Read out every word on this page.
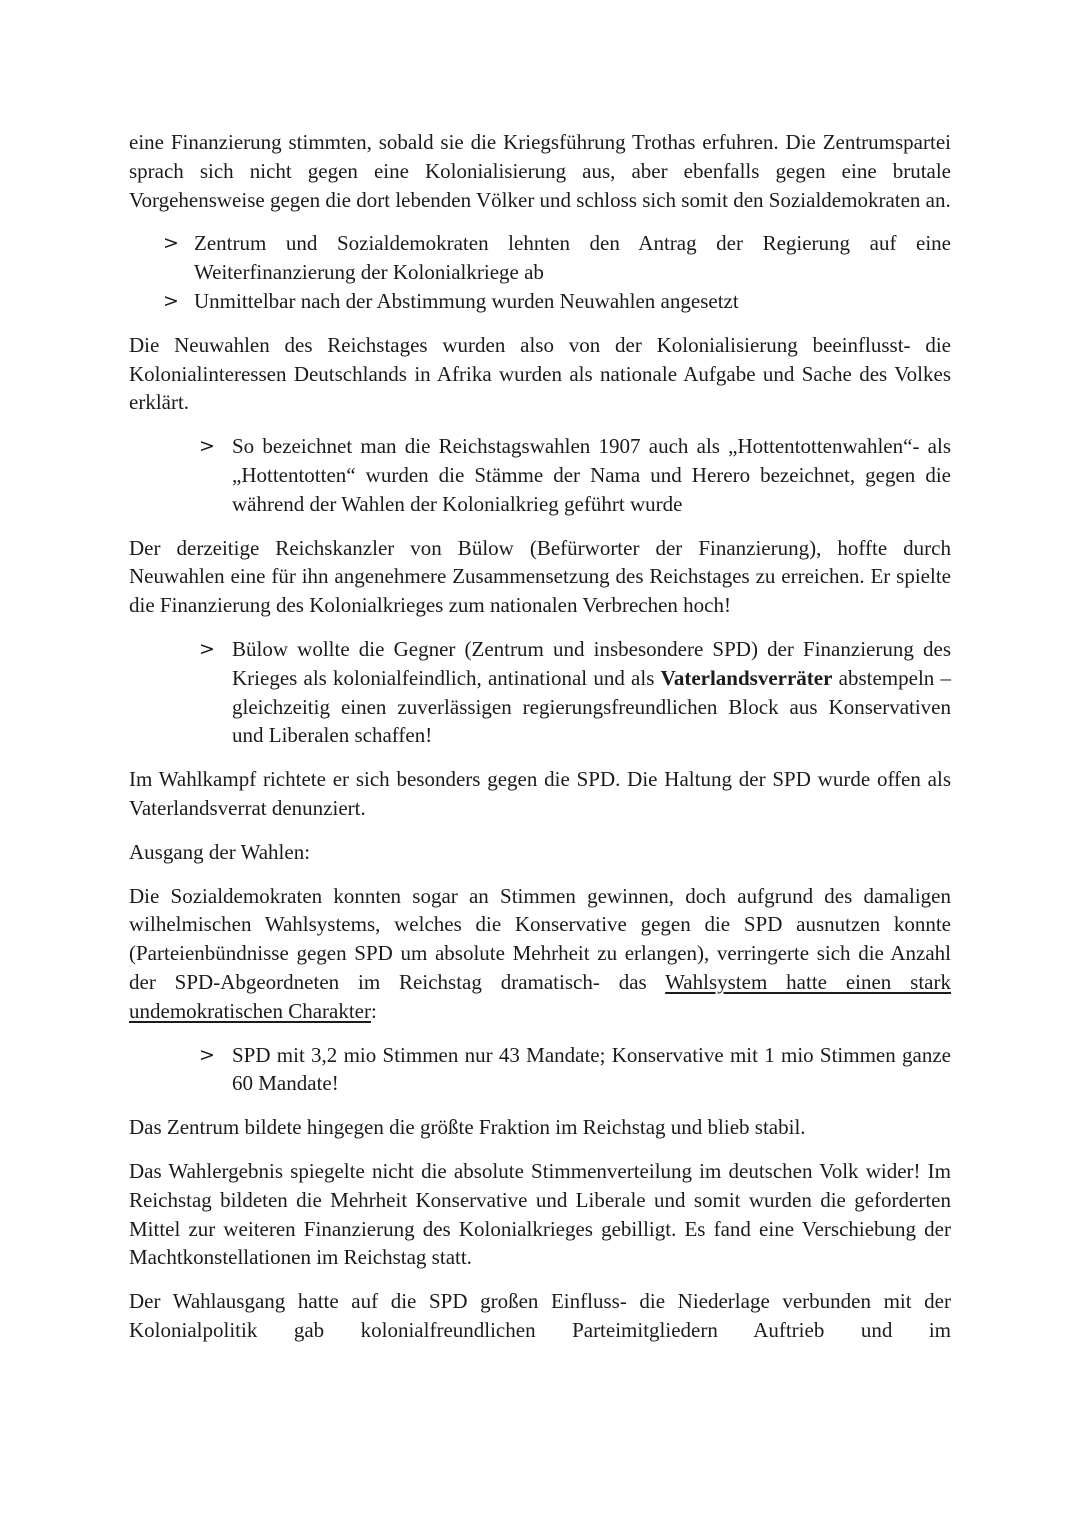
eine Finanzierung stimmten, sobald sie die Kriegsführung Trothas erfuhren. Die Zentrumspartei sprach sich nicht gegen eine Kolonialisierung aus, aber ebenfalls gegen eine brutale Vorgehensweise gegen die dort lebenden Völker und schloss sich somit den Sozialdemokraten an.

> Zentrum und Sozialdemokraten lehnten den Antrag der Regierung auf eine Weiterfinanzierung der Kolonialkriege ab
> Unmittelbar nach der Abstimmung wurden Neuwahlen angesetzt

Die Neuwahlen des Reichstages wurden also von der Kolonialisierung beeinflusst- die Kolonialinteressen Deutschlands in Afrika wurden als nationale Aufgabe und Sache des Volkes erklärt.

> So bezeichnet man die Reichstagswahlen 1907 auch als „Hottentottenwahlen“- als „Hottentotten“ wurden die Stämme der Nama und Herero bezeichnet, gegen die während der Wahlen der Kolonialkrieg geführt wurde

Der derzeitige Reichskanzler von Bülow (Befürworter der Finanzierung), hoffte durch Neuwahlen eine für ihn angenehmere Zusammensetzung des Reichstages zu erreichen. Er spielte die Finanzierung des Kolonialkrieges zum nationalen Verbrechen hoch!

> Bülow wollte die Gegner (Zentrum und insbesondere SPD) der Finanzierung des Krieges als kolonialfeindlich, antinational und als Vaterlandsverräter abstempeln – gleichzeitig einen zuverlässigen regierungsfreundlichen Block aus Konservativen und Liberalen schaffen!

Im Wahlkampf richtete er sich besonders gegen die SPD. Die Haltung der SPD wurde offen als Vaterlandsverrat denunziert.

Ausgang der Wahlen:

Die Sozialdemokraten konnten sogar an Stimmen gewinnen, doch aufgrund des damaligen wilhelmischen Wahlsystems, welches die Konservative gegen die SPD ausnutzen konnte (Parteienbündnisse gegen SPD um absolute Mehrheit zu erlangen), verringerte sich die Anzahl der SPD-Abgeordneten im Reichstag dramatisch- das Wahlsystem hatte einen stark undemokratischen Charakter:

> SPD mit 3,2 mio Stimmen nur 43 Mandate; Konservative mit 1 mio Stimmen ganze 60 Mandate!

Das Zentrum bildete hingegen die größte Fraktion im Reichstag und blieb stabil.

Das Wahlergebnis spiegelte nicht die absolute Stimmenverteilung im deutschen Volk wider! Im Reichstag bildeten die Mehrheit Konservative und Liberale und somit wurden die geforderten Mittel zur weiteren Finanzierung des Kolonialkrieges gebilligt. Es fand eine Verschiebung der Machtkonstellationen im Reichstag statt.

Der Wahlausgang hatte auf die SPD großen Einfluss- die Niederlage verbunden mit der Kolonialpolitik gab kolonialfreundlichen Parteimitgliedern Auftrieb und im
